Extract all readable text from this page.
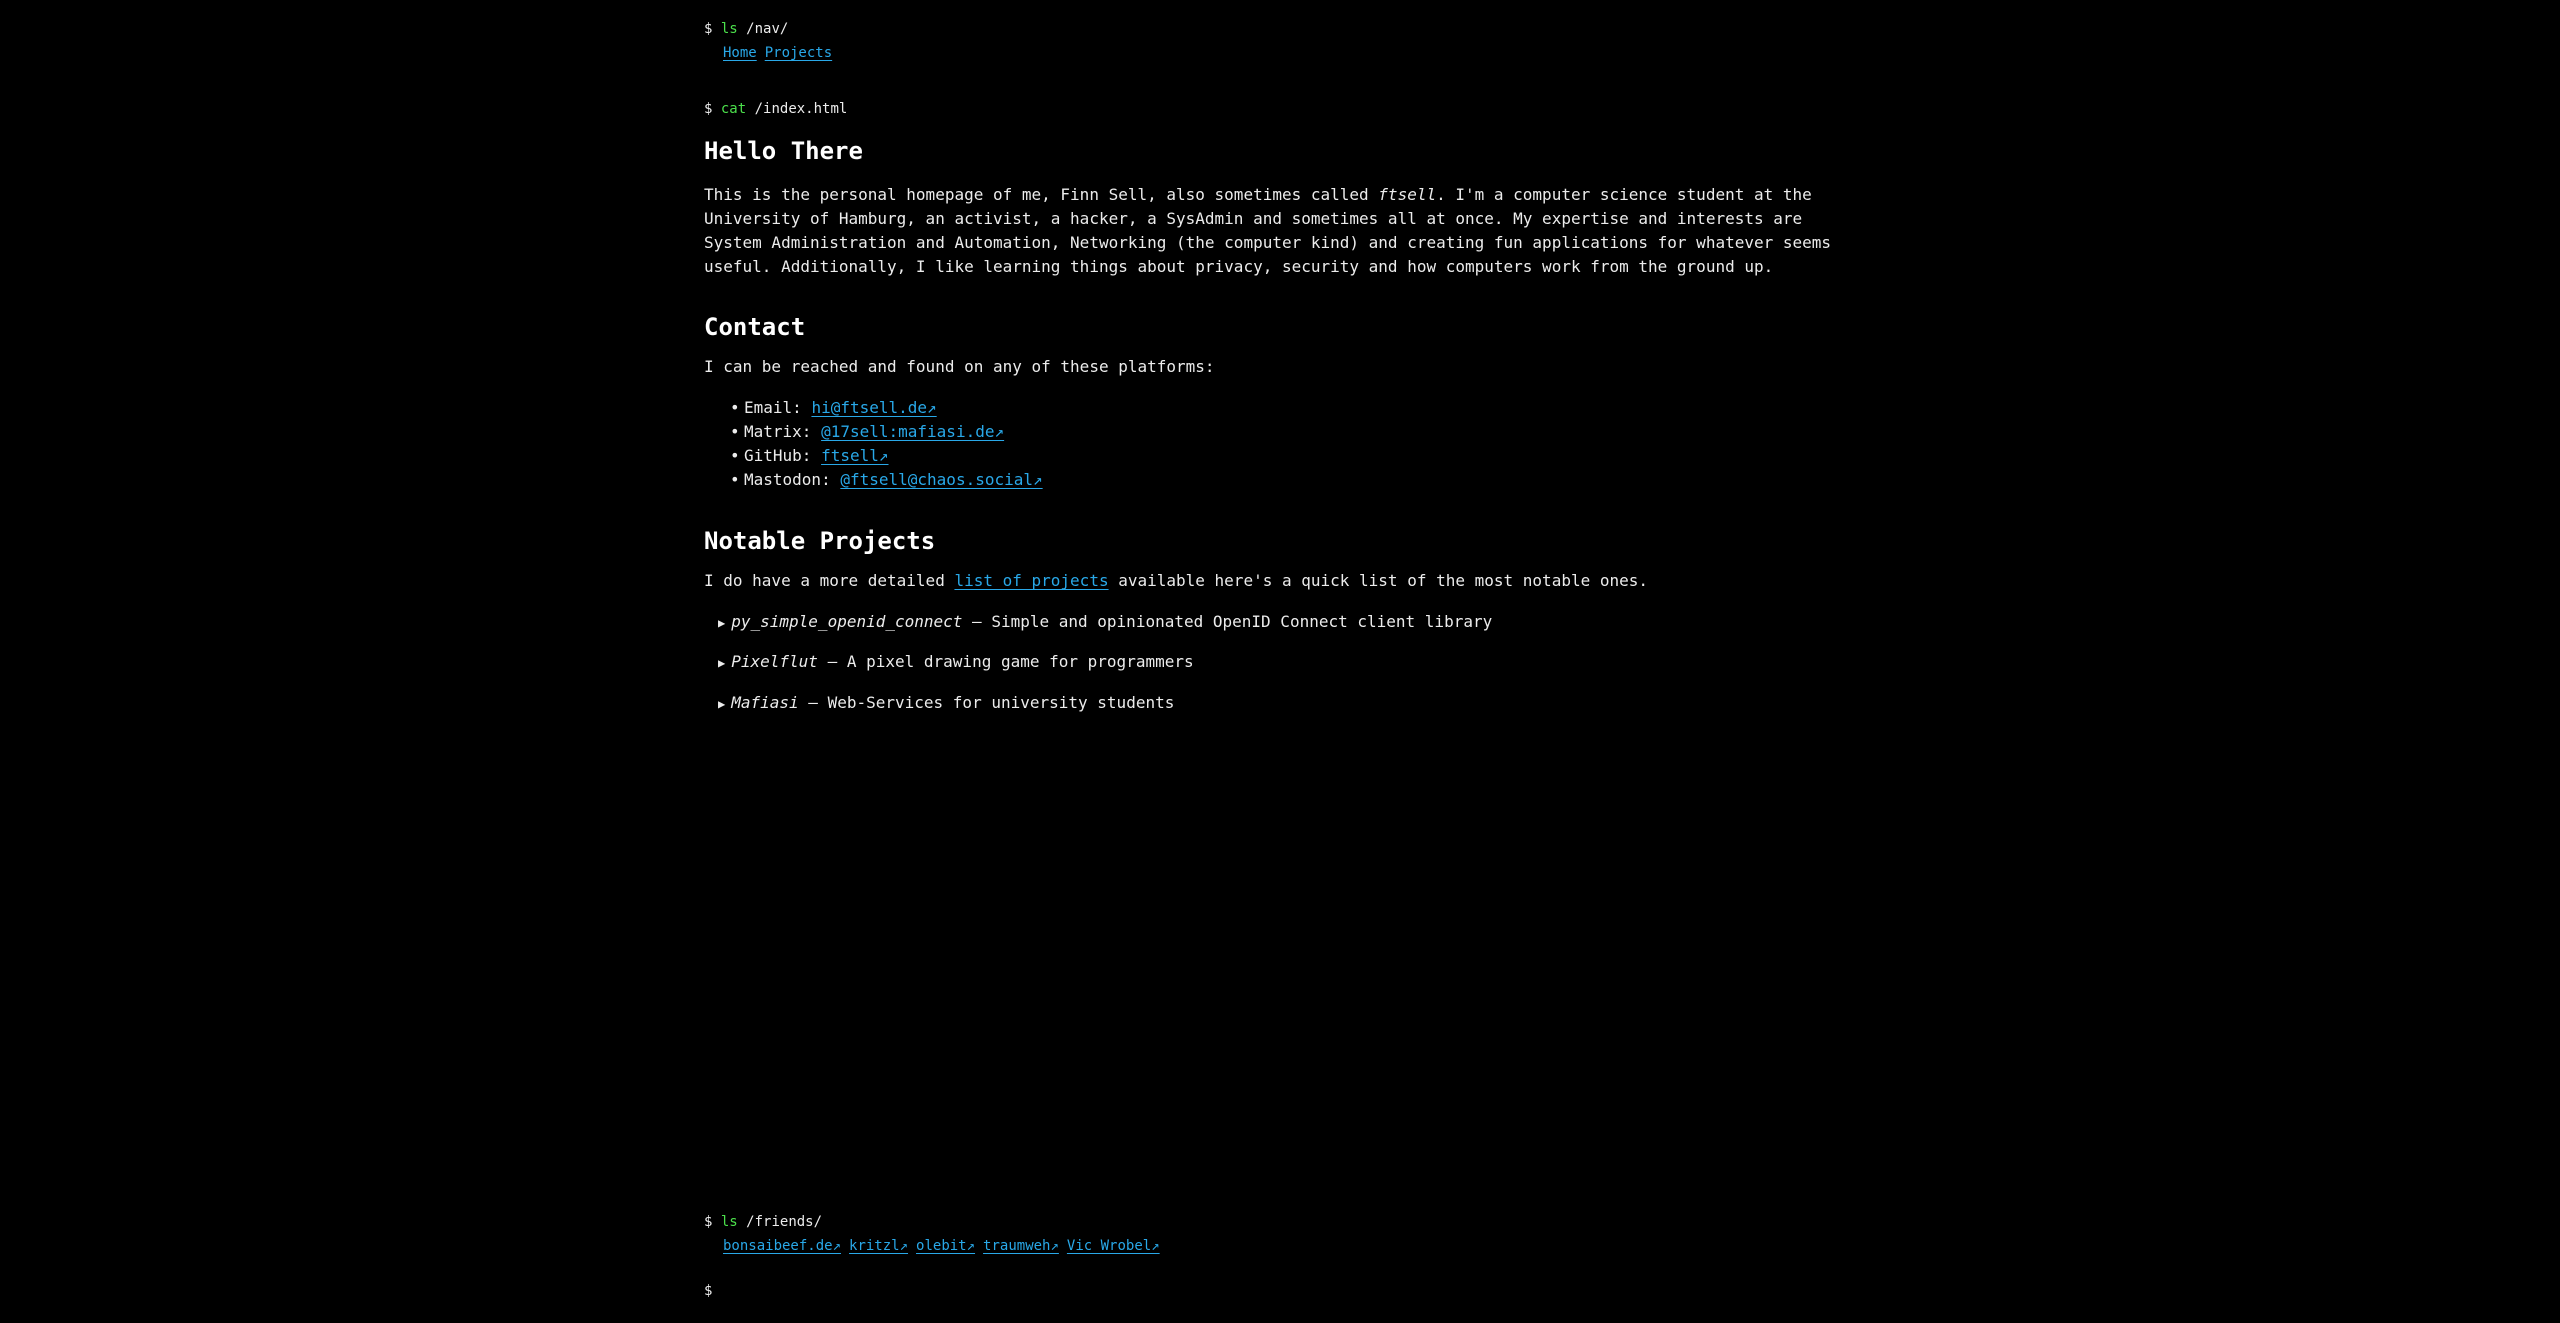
$ ls /nav/
Home Projects
$ cat /index.html
Hello There

This is the personal homepage of me, Finn Sell, also sometimes called ftsell. I'm a computer science student at the University of Hamburg, an activist, a hacker, a SysAdmin and sometimes all at once. My expertise and interests are System Administration and Automation, Networking (the computer kind) and creating fun applications for whatever seems useful. Additionally, I like learning things about privacy, security and how computers work from the ground up.

Contact

I can be reached and found on any of these platforms:

• Email: hi@ftsell.de↗
• Matrix: @17sell:mafiasi.de↗
• GitHub: ftsell↗
• Mastodon: @ftsell@chaos.social↗
Notable Projects

I do have a more detailed list of projects available here's a quick list of the most notable ones.

▶ py_simple_openid_connect – Simple and opinionated OpenID Connect client library
▶ Pixelflut – A pixel drawing game for programmers
▶ Mafiasi – Web-Services for university students
$ ls /friends/
bonsaibeef.de↗ kritzl↗ olebit↗ traumweh↗ Vic Wrobel↗
$
